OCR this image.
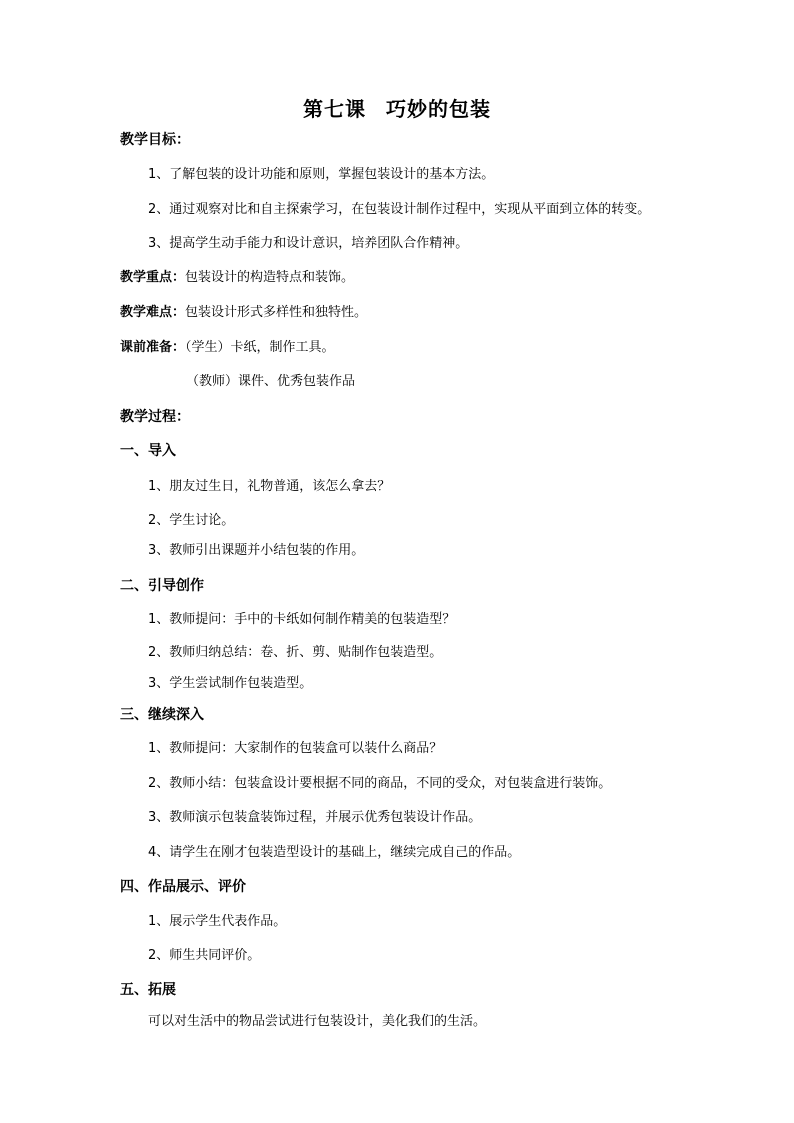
第七课 巧妙的包装
教学目标：
1、了解包装的设计功能和原则，掌握包装设计的基本方法。
2、通过观察对比和自主探索学习，在包装设计制作过程中，实现从平面到立体的转变。
3、提高学生动手能力和设计意识，培养团队合作精神。
教学重点：包装设计的构造特点和装饰。
教学难点：包装设计形式多样性和独特性。
课前准备：（学生）卡纸，制作工具。
（教师）课件、优秀包装作品
教学过程：
一、导入
1、朋友过生日，礼物普通，该怎么拿去？
2、学生讨论。
3、教师引出课题并小结包装的作用。
二、引导创作
1、教师提问：手中的卡纸如何制作精美的包装造型？
2、教师归纳总结：卷、折、剪、贴制作包装造型。
3、学生尝试制作包装造型。
三、继续深入
1、教师提问：大家制作的包装盒可以装什么商品？
2、教师小结：包装盒设计要根据不同的商品，不同的受众，对包装盒进行装饰。
3、教师演示包装盒装饰过程，并展示优秀包装设计作品。
4、请学生在刚才包装造型设计的基础上，继续完成自己的作品。
四、作品展示、评价
1、展示学生代表作品。
2、师生共同评价。
五、拓展
可以对生活中的物品尝试进行包装设计，美化我们的生活。
